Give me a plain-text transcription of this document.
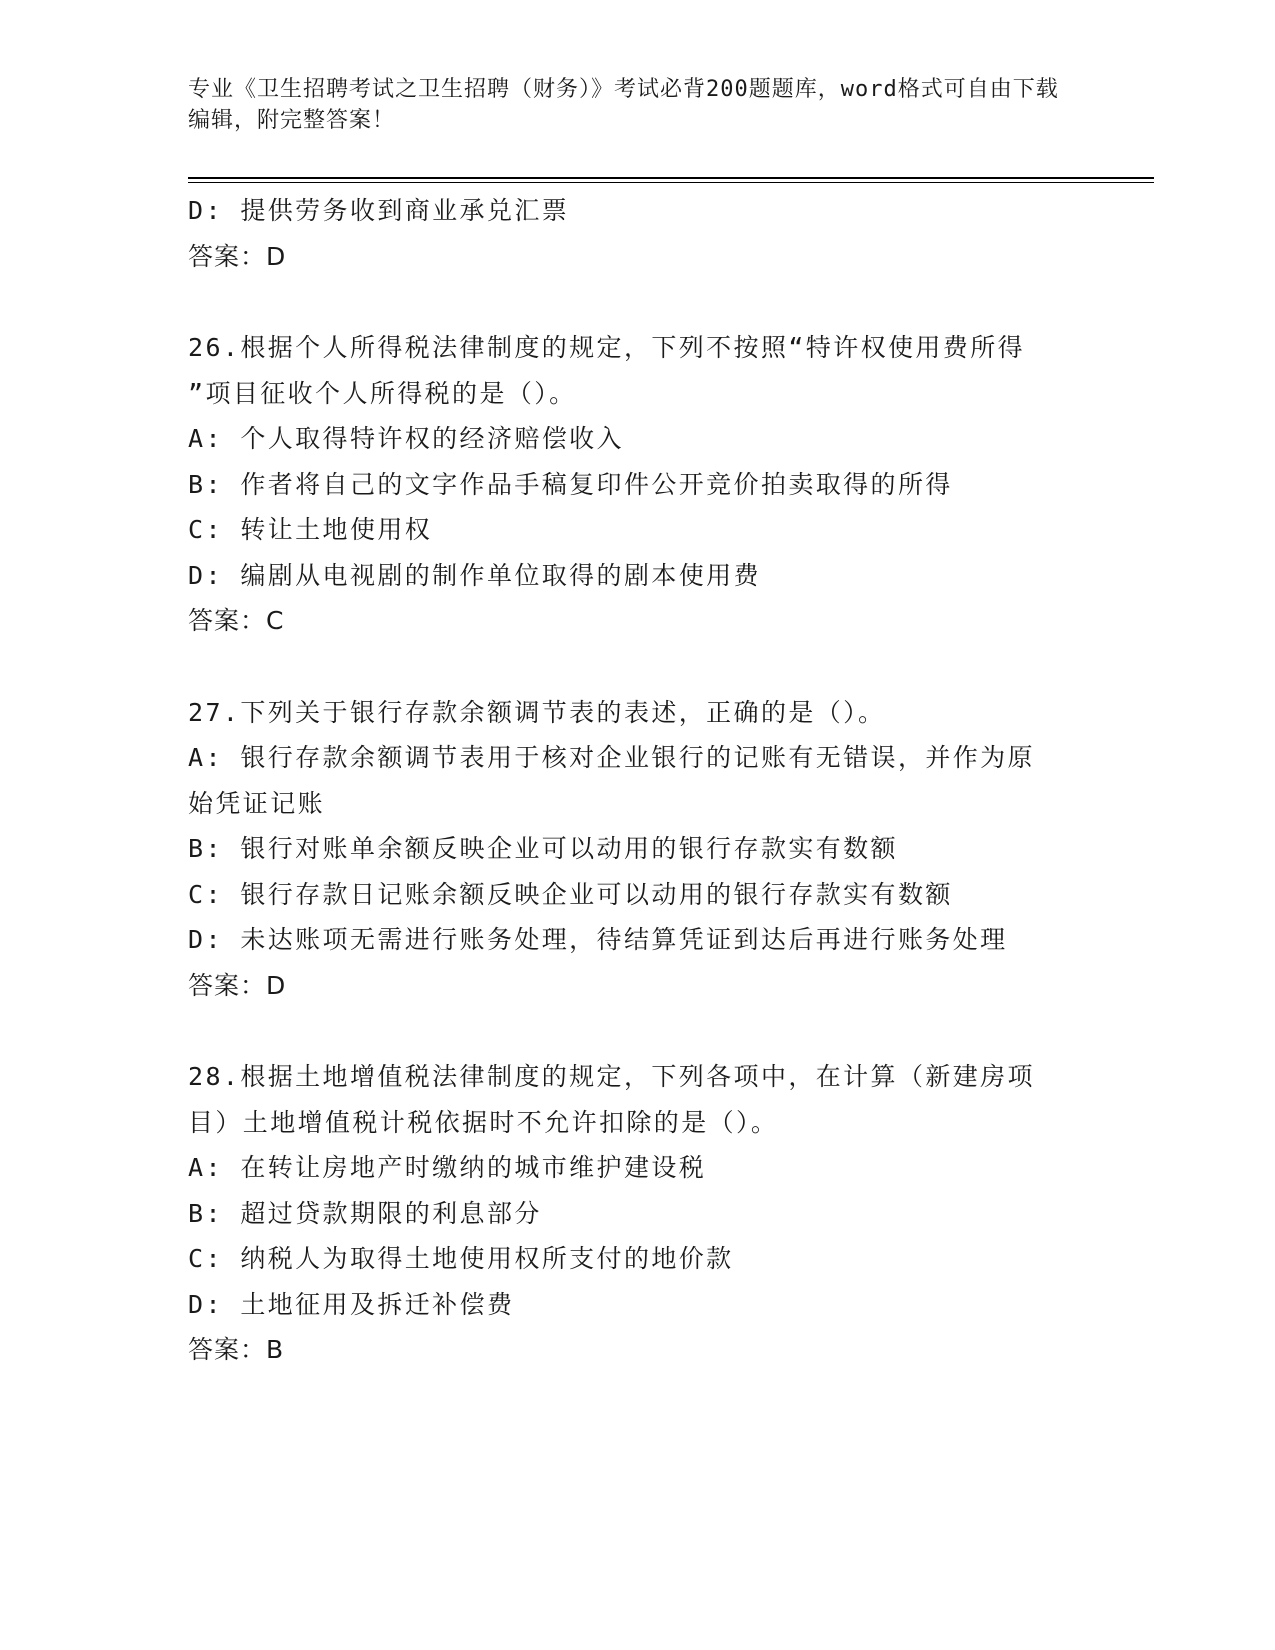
专业《卫生招聘考试之卫生招聘（财务）》考试必背200题题库，word格式可自由下载编辑，附完整答案！
D: 提供劳务收到商业承兑汇票
答案：D
26.根据个人所得税法律制度的规定，下列不按照“特许权使用费所得
”项目征收个人所得税的是（）。
A: 个人取得特许权的经济赔偿收入
B: 作者将自己的文字作品手稿复印件公开竞价拍卖取得的所得
C: 转让土地使用权
D: 编剧从电视剧的制作单位取得的剧本使用费
答案：C
27.下列关于银行存款余额调节表的表述，正确的是（）。
A: 银行存款余额调节表用于核对企业银行的记账有无错误，并作为原
始凭证记账
B: 银行对账单余额反映企业可以动用的银行存款实有数额
C: 银行存款日记账余额反映企业可以动用的银行存款实有数额
D: 未达账项无需进行账务处理，待结算凭证到达后再进行账务处理
答案：D
28.根据土地增值税法律制度的规定，下列各项中，在计算（新建房项
目）土地增值税计税依据时不允许扣除的是（）。
A: 在转让房地产时缴纳的城市维护建设税
B: 超过贷款期限的利息部分
C: 纳税人为取得土地使用权所支付的地价款
D: 土地征用及拆迁补偿费
答案：B
